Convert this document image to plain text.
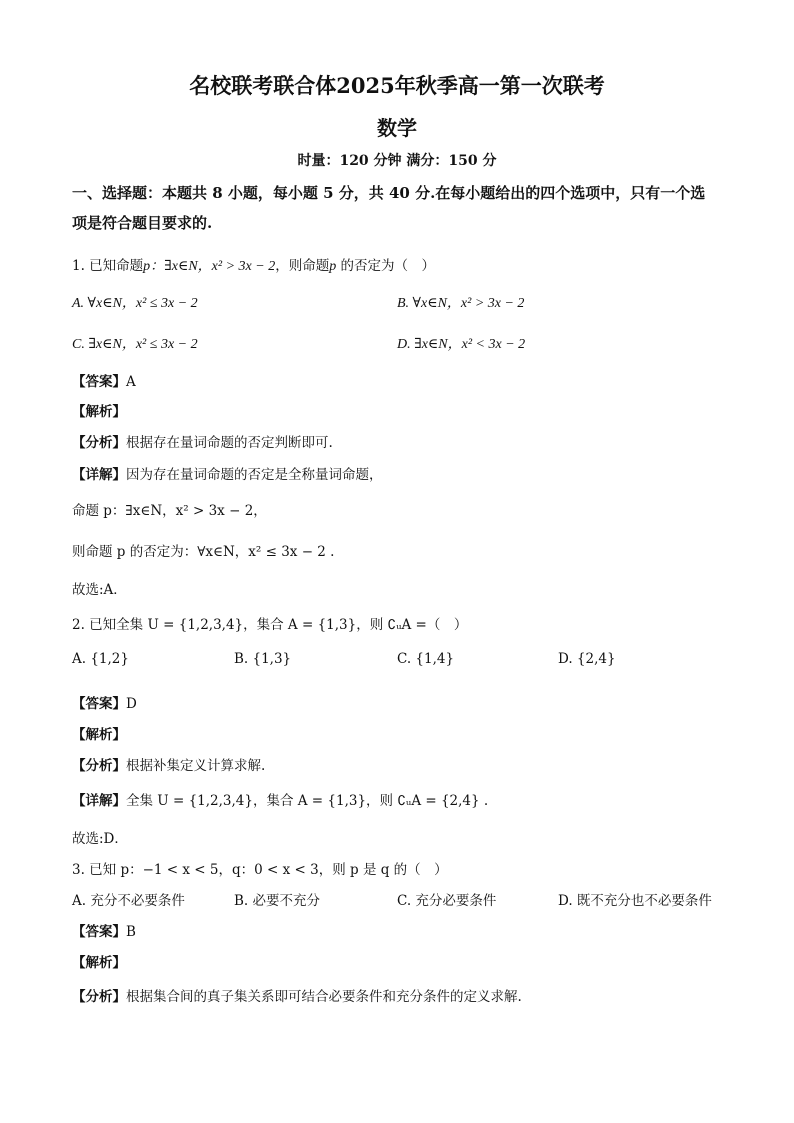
名校联考联合体2025年秋季高一第一次联考
数学
时量：120 分钟 满分：150 分
一、选择题：本题共 8 小题，每小题 5 分，共 40 分.在每小题给出的四个选项中，只有一个选
项是符合题目要求的.
1. 已知命题p：∃x∈N，x² > 3x − 2，则命题p 的否定为（　）
A. ∀x∈N，x² ≤ 3x − 2	B. ∀x∈N，x² > 3x − 2
C. ∃x∈N，x² ≤ 3x − 2	D. ∃x∈N，x² < 3x − 2
【答案】A
【解析】
【分析】根据存在量词命题的否定判断即可.
【详解】因为存在量词命题的否定是全称量词命题，
命题 p：∃x∈N，x² > 3x − 2，
则命题 p 的否定为：∀x∈N，x² ≤ 3x − 2 .
故选:A．
2. 已知全集 U = {1,2,3,4}，集合 A = {1,3}，则 ∁ᵤA =（　）
A. {1,2}	B. {1,3}	C. {1,4}	D. {2,4}
【答案】D
【解析】
【分析】根据补集定义计算求解.
【详解】全集 U = {1,2,3,4}，集合 A = {1,3}，则 ∁ᵤA = {2,4} .
故选:D．
3. 已知 p：−1 < x < 5，q：0 < x < 3，则 p 是 q 的（　）
A. 充分不必要条件	B. 必要不充分	C. 充分必要条件	D. 既不充分也不必要条件
【答案】B
【解析】
【分析】根据集合间的真子集关系即可结合必要条件和充分条件的定义求解.
